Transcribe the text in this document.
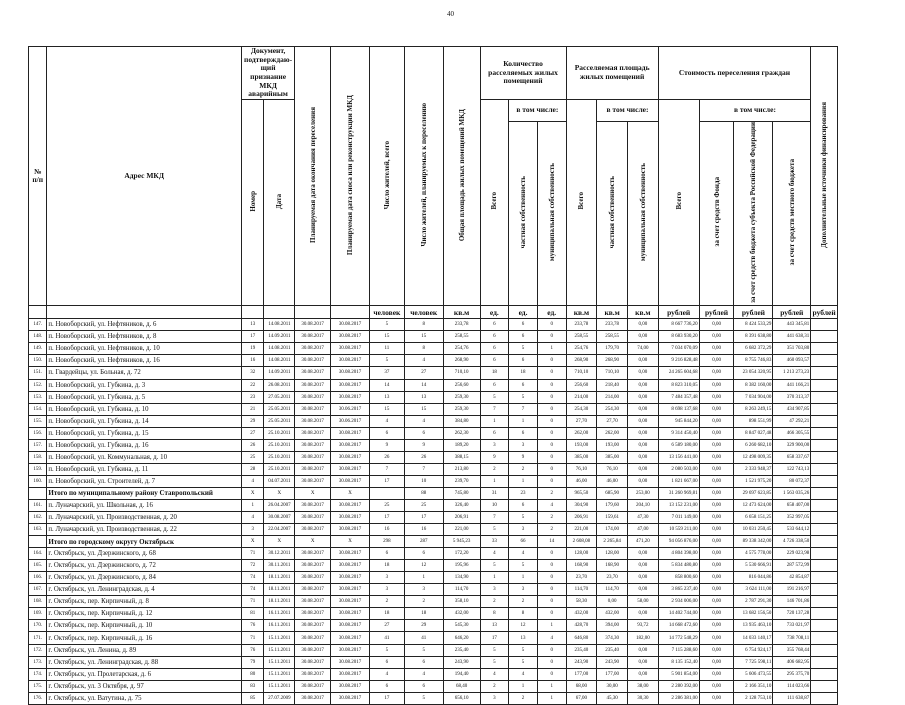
40
№ п/п	Адрес МКД	Документ, подтверждаю-щий признание МКД аварийным		Планируемая дата окончания переселения	Планируемая дата сноса или реконструкции МКД	Число жителей, всего	Число жителей, планируемых к переселению	Общая площадь жилых помещений МКД	Количество расселяемых жилых помещений			Расселяемая площадь жилых помещений			Стоимость переселения граждан				Дополнительные источники финансирования
		Номер	Дата						Всего	в том числе:		Всего	в том числе:		Всего	в том числе:			
										частная собственность	муниципальная собственность		частная собственность	муниципальная собственность		за счет средств Фонда	за счет средств бюджета субъекта Российской Федерации	за счет средств местного бюджета	
						человек	человек	кв.м	ед.	ед.	ед.	кв.м	кв.м	кв.м	рублей	рублей	рублей	рублей	рублей
147.	п. Новоборский, ул. Нефтяников, д. 6	13	14.08.2011	30.08.2017	30.08.2017	5	8	233,78	6	6	0	233,78	233,78	0,00	8 667 736,20	0,00	8 424 533,29	443 345,81	
148.	п. Новоборский, ул. Нефтяников, д. 8	17	14.09.2011	30.08.2017	30.08.2017	15	15	258,55	6	6	0	258,55	258,55	0,00	8 683 930,20	0,00	8 391 638,80	441 638,31	
149.	п. Новоборский, ул. Нефтяников, д. 10	19	14.08.2011	30.08.2017	30.08.2017	11	8	254,76	6	5	1	254,76	179,70	74,00	7 034 070,09	0,00	6 682 372,29	351 703,80	
150.	п. Новоборский, ул. Нефтяников, д. 16	16	14.08.2011	30.08.2017	30.08.2017	5	4	268,90	6	6	0	268,90	268,90	0,00	9 216 828,48	0,00	8 755 746,83	460 093,57	
151.	п. Гвардейцы, ул. Больная, д. 72	32	14.09.2011	30.08.2017	30.08.2017	37	27	710,10	18	18	0	710,10	710,10	0,00	24 265 604,68	0,00	23 054 320,95	1 213 273,23	
152.	п. Новоборский, ул. Губкина, д. 3	22	26.08.2011	30.08.2017	30.08.2017	14	14	256,60	6	6	0	256,60	218,40	0,00	8 823 310,05	0,00	8 382 160,00	441 166,21	
153.	п. Новоборский, ул. Губкина, д. 5	23	27.05.2011	30.08.2017	30.08.2017	13	13	259,30	5	5	0	214,00	214,00	0,00	7 484 357,48	0,00	7 034 904,00	370 313,37	
154.	п. Новоборский, ул. Губкина, д. 10	21	25.05.2011	30.08.2017	30.06.2017	15	15	259,30	7	7	0	254,30	254,30	0,00	8 698 137,68	0,00	8 263 249,15	434 907,85	
155.	п. Новоборский, ул. Губкина, д. 14	29	25.05.2011	30.08.2017	30.06.2017	4	4	384,80	1	1	0	27,70	27,70	0,00	945 844,20	0,00	898 551,99	47 292,21	
156.	п. Новоборский, ул. Губкина, д. 15	27	25.10.2011	30.08.2017	30.08.2017	6	6	262,30	6	6	0	262,00	262,00	0,00	9 314 450,40	0,00	8 847 027,48	466 305,55	
157.	п. Новоборский, ул. Губкина, д. 16	26	25.10.2011	30.08.2017	30.08.2017	9	9	189,20	3	3	0	193,00	193,00	0,00	6 589 180,00	0,00	6 260 682,10	329 900,00	
158.	п. Новоборский, ул. Коммунальная, д. 10	25	25.10.2011	30.08.2017	30.08.2017	26	26	388,15	9	9	0	385,00	385,00	0,00	13 156 441,00	0,00	12 498 009,35	658 337,67	
159.	п. Новоборский, ул. Губкина, д. 11	28	25.10.2011	30.08.2017	30.08.2017	7	7	213,80	2	2	0	76,10	76,10	0,00	2 080 503,00	0,00	2 333 948,37	122 743,13	
160.	п. Новоборский, ул. Строителей, д. 7	4	04.07.2011	30.08.2017	30.08.2017	17	10	239,70	1	1	0	46,00	46,00	0,00	1 821 667,00	0,00	1 521 975,20	80 072,37	
	Итого по муниципальному району Ставропольский	X	X	X	X		88	745,80	31	23	2	965,50	685,90	253,00	31 260 969,81	0,00	29 697 623,85	1 563 035,26	
161.	п. Луначарский, ул. Школьная, д. 16	1	26.04.2007	30.08.2017	30.08.2017	25	25	326,40	10	6	4	304,90	179,60	204,10	13 152 231,00	0,00	12 473 624,00	658 407,00	
162.	п. Луначарский, ул. Производственная, д. 20	4	30.08.2007	30.08.2017	30.08.2017	17	17	206,91	7	5	2	206,91	159,61	47,30	7 011 149,00	0,00	6 658 151,25	352 997,05	
163.	п. Луначарский, ул. Производственная, д. 22	3	22.04.2007	30.08.2017	30.08.2017	16	16	221,00	5	3	2	221,00	174,00	47,00	10 559 211,00	0,00	10 031 250,45	533 644,12	
	Итого по городскому округу Октябрьск	X	X	X	X	298	287	5 945,23	33	66	14	2 608,08	2 265,84	471,20	94 056 876,00	0,00	89 338 342,00	4 726 338,50	
164.	г. Октябрьск, ул. Дзержинского, д. 68	71	30.12.2011	30.08.2017	30.08.2017	6	6	172,20	4	4	0	128,00	128,00	0,00	4 804 398,00	0,00	4 575 778,00	229 023,98	
165.	г. Октябрьск, ул. Дзержинского, д. 72	72	30.11.2011	30.08.2017	30.08.2017	18	12	195,96	5	5	0	168,90	168,90	0,00	5 834 480,80	0,00	5 530 666,91	287 572,99	
166.	г. Октябрьск, ул. Дзержинского, д. 84	74	18.11.2011	30.08.2017	30.08.2017	3	1	134,90	1	1	0	23,70	23,70	0,00	858 800,60	0,00	816 044,86	42 854,87	
167.	г. Октябрьск, ул. Ленинградская, д. 4	74	18.11.2011	30.08.2017	30.08.2017	3	3	114,70	3	3	0	114,70	114,70	0,00	3 865 237,40	0,00	3 624 111,00	191 216,97	
168.	г. Октябрьск, пер. Кирпичный, д. 8	71	18.11.2011	30.08.2017	30.08.2017	2	2	358,10	2	2	0	58,30	0,00	58,00	2 934 006,00	0,00	2 787 291,30	146 701,86	
169.	г. Октябрьск, пер. Кирпичный, д. 12	81	16.11.2011	30.08.2017	30.08.2017	18	18	432,00	8	8	0	432,00	432,00	0,00	14 402 744,00	0,00	13 682 156,50	720 137,28	
170.	г. Октябрьск, пер. Кирпичный, д. 10	76	16.11.2011	30.08.2017	30.08.2017	27	29	545,30	13	12	1	428,70	394,00	93,72	14 668 472,60	0,00	13 935 463,10	733 021,97	
171.	г. Октябрьск, пер. Кирпичный, д. 16	71	15.11.2011	30.08.2017	30.08.2017	41	41	646,20	17	13	4	646,80	374,30	182,00	14 772 548,29	0,00	14 033 140,17	738 708,11	
172.	г. Октябрьск, ул. Ленина, д. 89	76	15.11.2011	30.08.2017	30.08.2017	5	5	235,40	5	5	0	235,40	235,40	0,00	7 115 288,60	0,00	6 754 924,17	355 768,44	
173.	г. Октябрьск, ул. Ленинградская, д. 88	79	15.11.2011	30.08.2017	30.08.2017	6	6	243,90	5	5	0	243,90	243,90	0,00	8 135 152,40	0,00	7 725 598,11	406 682,95	
174.	г. Октябрьск, ул. Пролетарская, д. 6	80	15.11.2011	30.08.2017	30.08.2017	4	4	194,40	4	4	0	177,00	177,00	0,00	5 901 854,00	0,00	5 606 473,55	295 375,70	
175.	г. Октябрьск, ул. 3 Октября, д. 97	83	15.11.2011	30.08.2017	30.08.2017	6	6	68,40	2	1	1	68,00	30,00	38,00	2 280 392,00	0,00	2 166 351,10	114 023,66	
176.	г. Октябрьск, ул. Ватутина, д. 75	85	27.07.2009	30.08.2017	30.08.2017	17	5	656,10	3	2	1	67,00	45,30	30,30	2 286 381,00	0,00	2 128 753,10	111 638,87	
